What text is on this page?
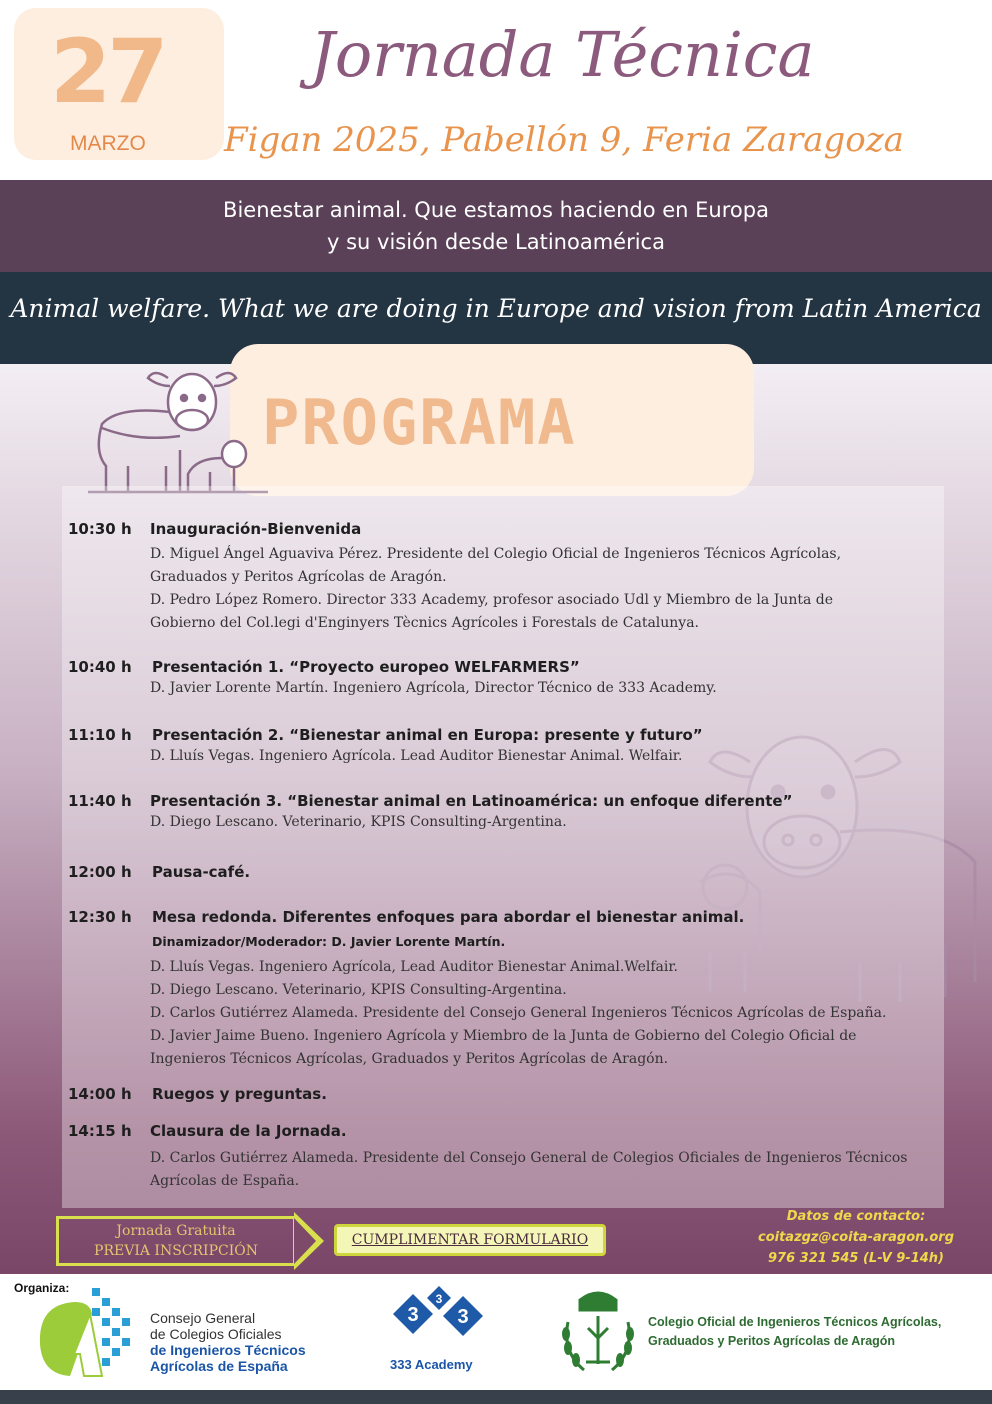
27
MARZO
Jornada Técnica
Figan 2025, Pabellón 9, Feria Zaragoza
Bienestar animal. Que estamos haciendo en Europa
y su visión desde Latinoamérica
Animal welfare. What we are doing in Europe and vision from Latin America
PROGRAMA
10:30 h	Inauguración-Bienvenida
D. Miguel Ángel Aguaviva Pérez. Presidente del Colegio Oficial de Ingenieros Técnicos Agrícolas,
Graduados y Peritos Agrícolas de Aragón.
D. Pedro López Romero. Director 333 Academy, profesor asociado Udl y Miembro de la Junta de
Gobierno del Col.legi d'Enginyers Tècnics Agrícoles i Forestals de Catalunya.
10:40 h	Presentación 1. “Proyecto europeo WELFARMERS”
D. Javier Lorente Martín. Ingeniero Agrícola, Director Técnico de 333 Academy.
11:10 h	Presentación 2. “Bienestar animal en Europa: presente y futuro”
D. Lluís Vegas. Ingeniero Agrícola. Lead Auditor Bienestar Animal. Welfair.
11:40 h	Presentación 3. “Bienestar animal en Latinoamérica: un enfoque diferente”
D. Diego Lescano. Veterinario, KPIS Consulting-Argentina.
12:00 h	Pausa-café.
12:30 h	Mesa redonda. Diferentes enfoques para abordar el bienestar animal.
Dinamizador/Moderador: D. Javier Lorente Martín.
D. Lluís Vegas. Ingeniero Agrícola, Lead Auditor Bienestar Animal.Welfair.
D. Diego Lescano. Veterinario, KPIS Consulting-Argentina.
D. Carlos Gutiérrez Alameda. Presidente del Consejo General Ingenieros Técnicos Agrícolas de España.
D. Javier Jaime Bueno. Ingeniero Agrícola y Miembro de la Junta de Gobierno del Colegio Oficial de
Ingenieros Técnicos Agrícolas, Graduados y Peritos Agrícolas de Aragón.
14:00 h	Ruegos y preguntas.
14:15 h	Clausura de la Jornada.
D. Carlos Gutiérrez Alameda. Presidente del Consejo General de Colegios Oficiales de Ingenieros Técnicos
Agrícolas de España.
Jornada Gratuita
PREVIA INSCRIPCIÓN
CUMPLIMENTAR FORMULARIO
Datos de contacto:
coitazgz@coita-aragon.org
976 321 545 (L-V 9-14h)
Organiza:
Consejo General
de Colegios Oficiales
de Ingenieros Técnicos
Agrícolas de España
3
3
3
333 Academy
Colegio Oficial de Ingenieros Técnicos Agrícolas,
Graduados y Peritos Agrícolas de Aragón
